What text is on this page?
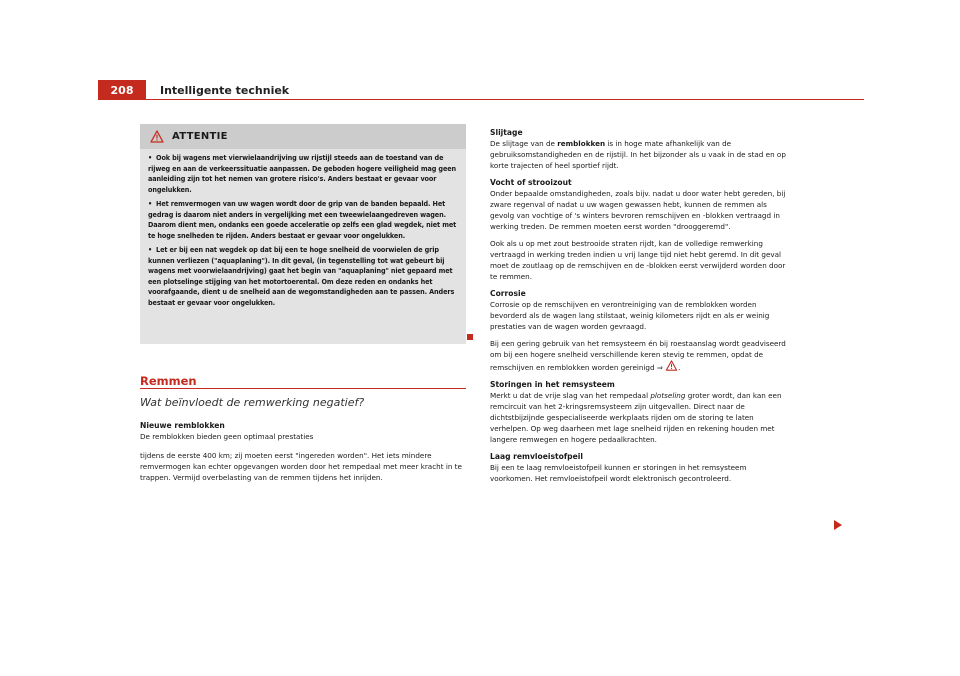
208	Intelligente techniek
ATTENTIE

• Ook bij wagens met vierwielaandrijving uw rijstijl steeds aan de toestand van de rijweg en aan de verkeerssituatie aanpassen. De geboden hogere veiligheid mag geen aanleiding zijn tot het nemen van grotere risico's. Anders bestaat er gevaar voor ongelukken.

• Het remvermogen van uw wagen wordt door de grip van de banden bepaald. Het gedrag is daarom niet anders in vergelijking met een tweewielaangedreven wagen. Daarom dient men, ondanks een goede acceleratie op zelfs een glad wegdek, niet met te hoge snelheden te rijden. Anders bestaat er gevaar voor ongelukken.

• Let er bij een nat wegdek op dat bij een te hoge snelheid de voorwielen de grip kunnen verliezen ("aquaplaning"). In dit geval, (in tegenstelling tot wat gebeurt bij wagens met voorwielaandrijving) gaat het begin van "aquaplaning" niet gepaard met een plotselinge stijging van het motortoerental. Om deze reden en ondanks het voorafgaande, dient u de snelheid aan de wegomstandigheden aan te passen. Anders bestaat er gevaar voor ongelukken.

Remmen
Wat beïnvloedt de remwerking negatief?

Nieuwe remblokken

De remblokken bieden geen optimaal prestaties

tijdens de eerste 400 km; zij moeten eerst "ingereden worden". Het iets mindere remvermogen kan echter opgevangen worden door het rempedaal met meer kracht in te trappen. Vermijd overbelasting van de remmen tijdens het inrijden.

Slijtage

De slijtage van de remblokken is in hoge mate afhankelijk van de gebruiksomstandigheden en de rijstijl. In het bijzonder als u vaak in de stad en op korte trajecten of heel sportief rijdt.

Vocht of strooizout

Onder bepaalde omstandigheden, zoals bijv. nadat u door water hebt gereden, bij zware regenval of nadat u uw wagen gewassen hebt, kunnen de remmen als gevolg van vochtige of 's winters bevroren remschijven en -blokken vertraagd in werking treden. De remmen moeten eerst worden "drooggeremd".

Ook als u op met zout bestrooide straten rijdt, kan de volledige remwerking vertraagd in werking treden indien u vrij lange tijd niet hebt geremd. In dit geval moet de zoutlaag op de remschijven en de -blokken eerst verwijderd worden door te remmen.

Corrosie

Corrosie op de remschijven en verontreiniging van de remblokken worden bevorderd als de wagen lang stilstaat, weinig kilometers rijdt en als er weinig prestaties van de wagen worden gevraagd.

Bij een gering gebruik van het remsysteem én bij roestaanslag wordt geadviseerd om bij een hogere snelheid verschillende keren stevig te remmen, opdat de remschijven en remblokken worden gereinigd ⇒ .

Storingen in het remsysteem

Merkt u dat de vrije slag van het rempedaal plotseling groter wordt, dan kan een remcircuit van het 2-kringsremsysteem zijn uitgevallen. Direct naar de dichtstbijzijnde gespecialiseerde werkplaats rijden om de storing te laten verhelpen. Op weg daarheen met lage snelheid rijden en rekening houden met langere remwegen en hogere pedaalkrachten.

Laag remvloeistofpeil

Bij een te laag remvloeistofpeil kunnen er storingen in het remsysteem voorkomen. Het remvloeistofpeil wordt elektronisch gecontroleerd.
